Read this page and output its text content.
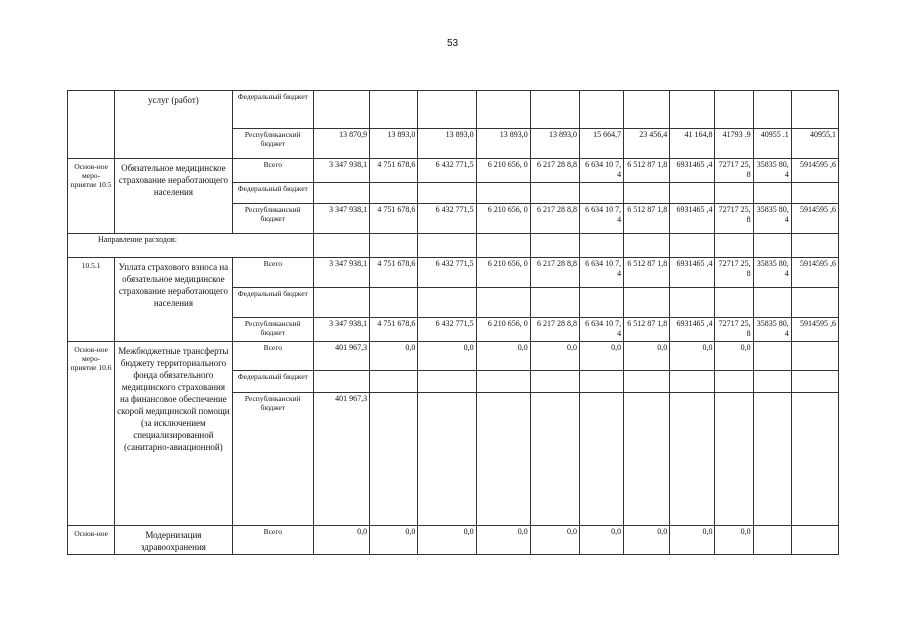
53
	услуг (работ)	Федеральный бюджет											
		Республиканский бюджет	13 870,9	13 893,0	13 893,0	13 893,0	13 893,0	15 664,7	23 456,4	41 164,8	41793 .9	40955 .1	40955,1
Основ-ное меро-приятие 10.5	Обязательное медицинское страхование неработающего населения	Всего	3 347 938,1	4 751 678,6	6 432 771,5	6 210 656, 0	6 217 28 8,8	6 634 10 7,4	6 512 87 1,8	6931465 ,4	72717 25,8	35835 80,4	5914595 ,6
		Федеральный бюджет											
		Республиканский бюджет	3 347 938,1	4 751 678,6	6 432 771,5	6 210 656, 0	6 217 28 8,8	6 634 10 7,4	6 512 87 1,8	6931465 ,4	72717 25,8	35835 80,4	5914595 ,6
Направление расходов:													
10.5.1	Уплата страхового взноса на обязательное медицинское страхование неработающего населения	Всего	3 347 938,1	4 751 678,6	6 432 771,5	6 210 656, 0	6 217 28 8,8	6 634 10 7,4	6 512 87 1,8	6931465 ,4	72717 25,8	35835 80,4	5914595 ,6
		Федеральный бюджет											
		Республиканский бюджет	3 347 938,1	4 751 678,6	6 432 771,5	6 210 656, 0	6 217 28 8,8	6 634 10 7,4	6 512 87 1,8	6931465 ,4	72717 25,8	35835 80,4	5914595 ,6
Основ-ное меро-приятие 10.6	Межбюджетные трансферты бюджету территориального фонда обязательного медицинского страхования на финансовое обеспечение скорой медицинской помощи (за исключением специализированной (санитарно-авиационной)	Всего	401 967,3	0,0	0,0	0,0	0,0	0,0	0,0	0,0	0,0		
		Федеральный бюджет											
		Республиканский бюджет	401 967,3										
Основ-ное	Модернизация здравоохранения	Всего	0,0	0,0	0,0	0,0	0,0	0,0	0,0	0,0	0,0		
